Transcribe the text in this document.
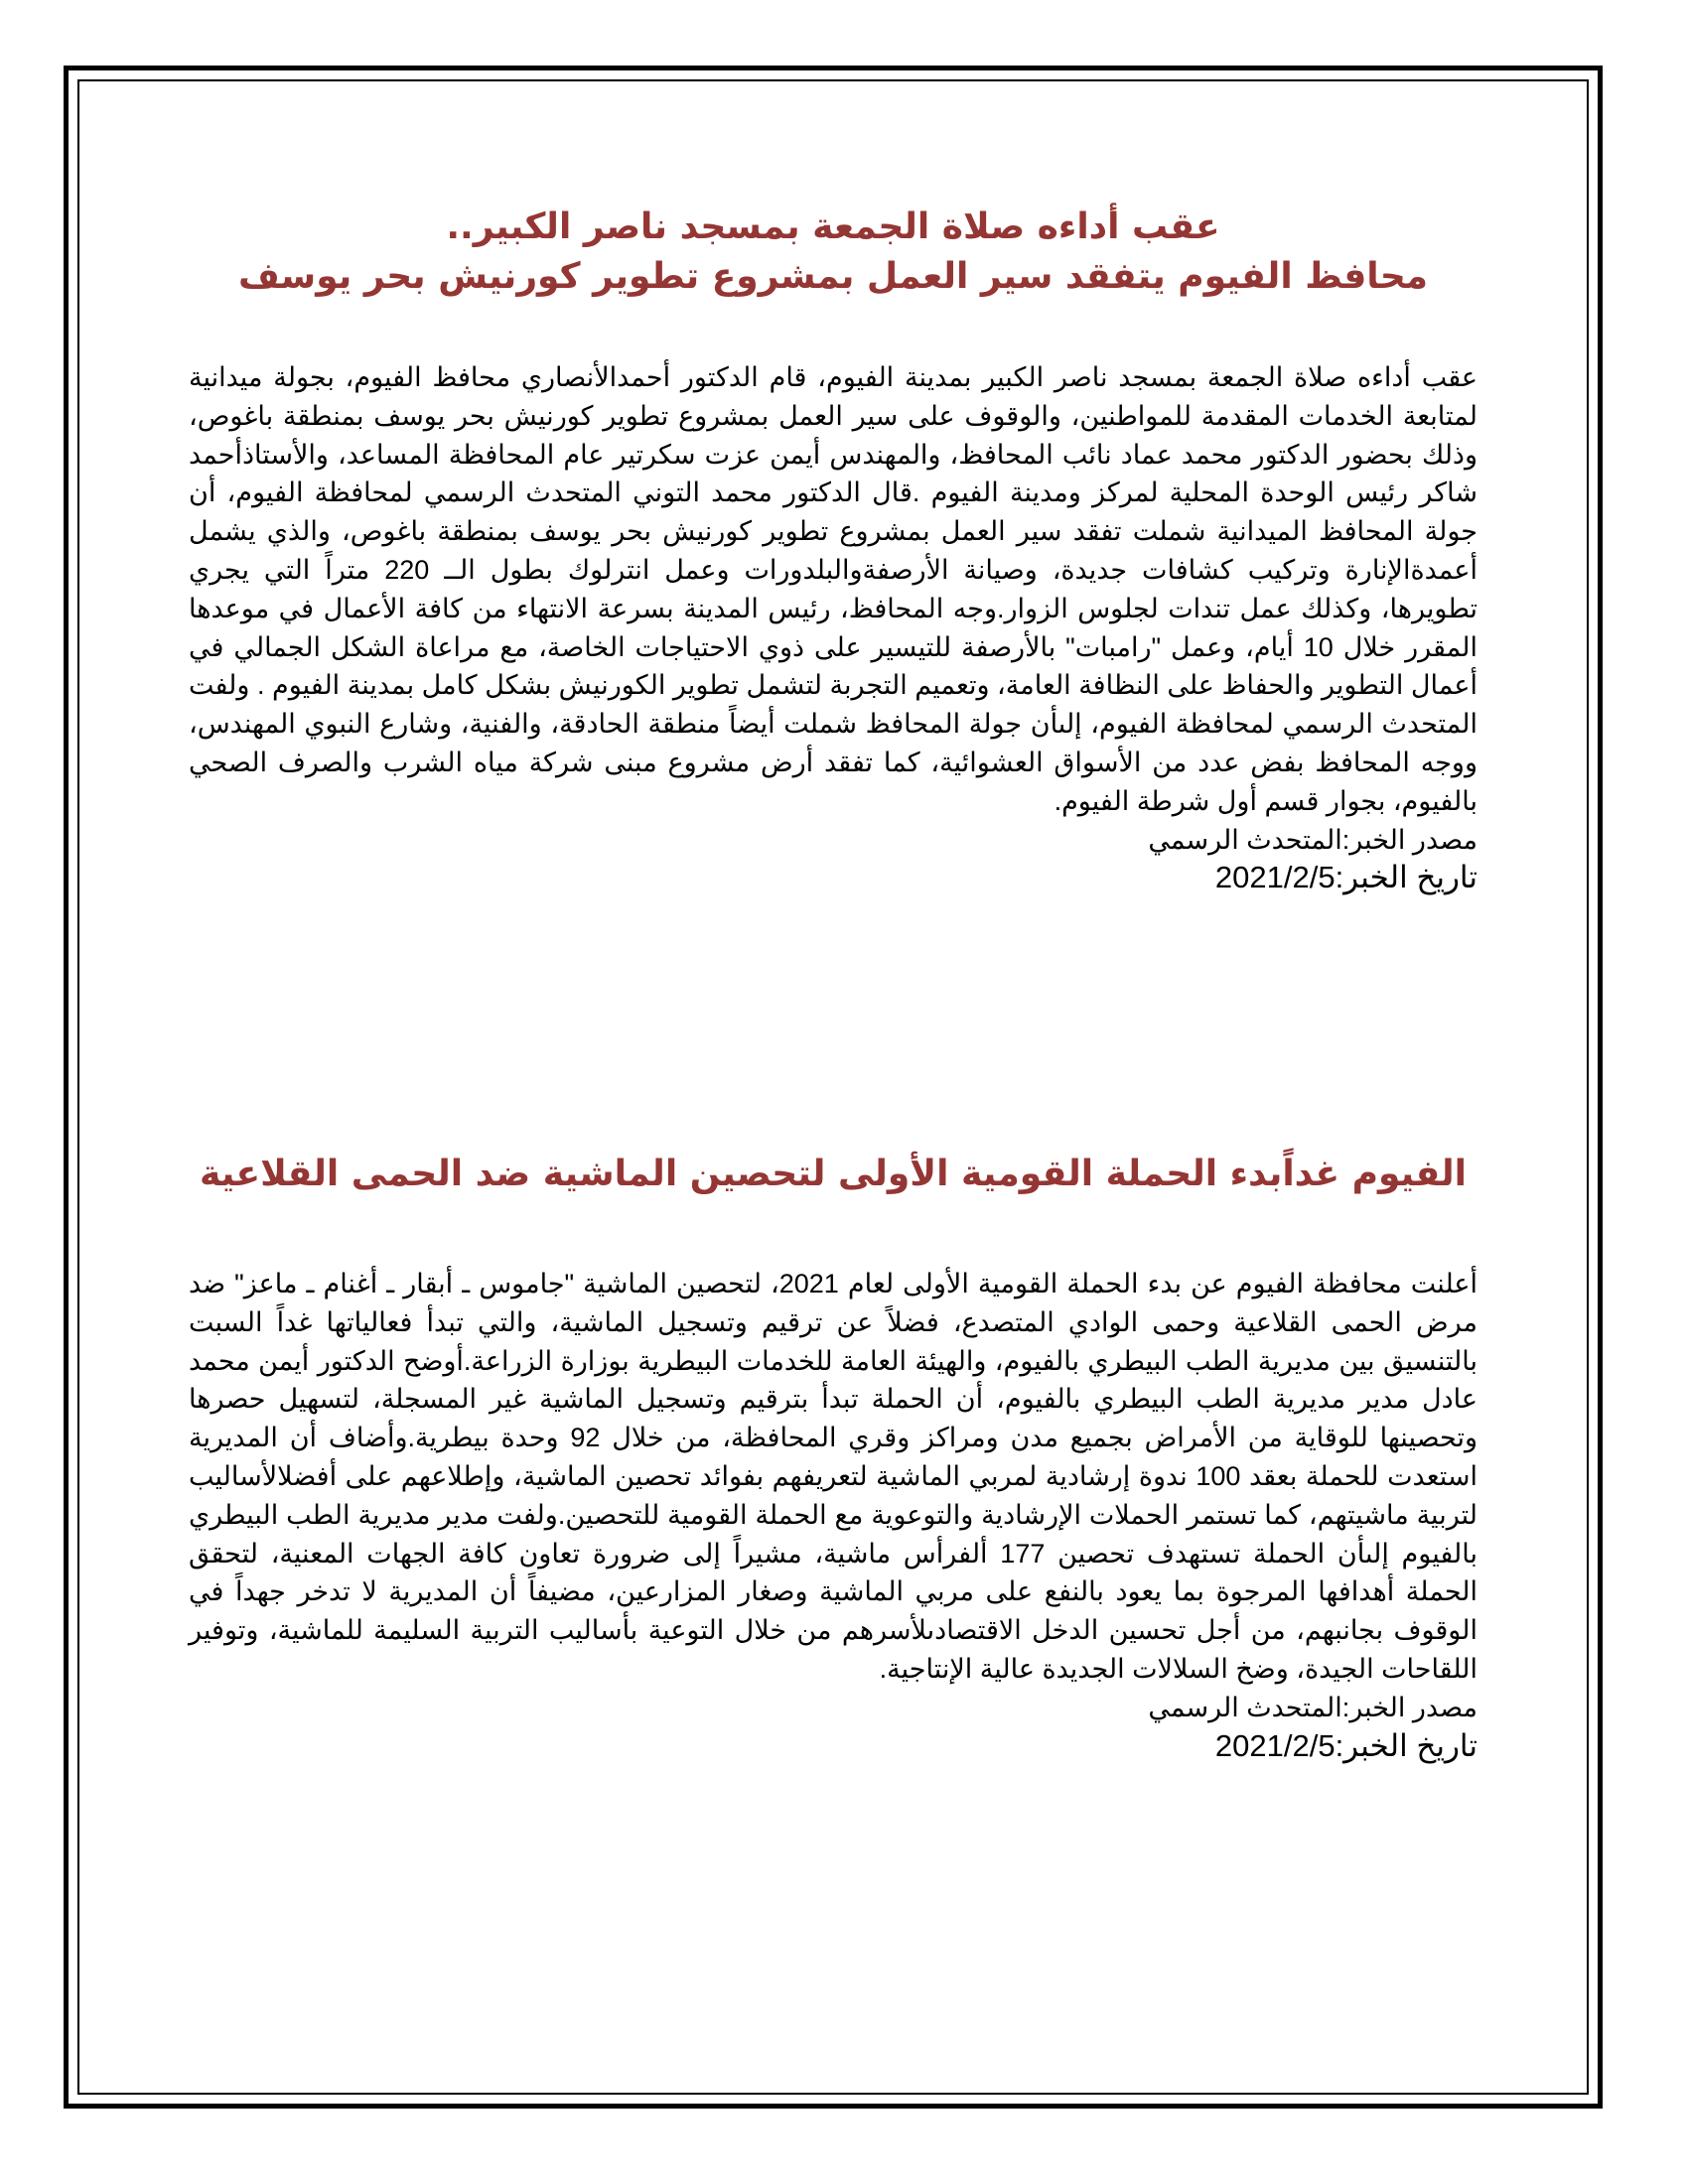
عقب أداءه صلاة الجمعة بمسجد ناصر الكبير..
محافظ الفيوم يتفقد سير العمل بمشروع تطوير كورنيش بحر يوسف

عقب أداءه صلاة الجمعة بمسجد ناصر الكبير بمدينة الفيوم، قام الدكتور أحمدالأنصاري محافظ الفيوم، بجولة ميدانية لمتابعة الخدمات المقدمة للمواطنين، والوقوف على سير العمل بمشروع تطوير كورنيش بحر يوسف بمنطقة باغوص، وذلك بحضور الدكتور محمد عماد نائب المحافظ، والمهندس أيمن عزت سكرتير عام المحافظة المساعد، والأستاذأحمد شاكر رئيس الوحدة المحلية لمركز ومدينة الفيوم .قال الدكتور محمد التوني المتحدث الرسمي لمحافظة الفيوم، أن جولة المحافظ الميدانية شملت تفقد سير العمل بمشروع تطوير كورنيش بحر يوسف بمنطقة باغوص، والذي يشمل أعمدةالإنارة وتركيب كشافات جديدة، وصيانة الأرصفةوالبلدورات وعمل انترلوك بطول الــ 220 متراً التي يجري تطويرها، وكذلك عمل تندات لجلوس الزوار.وجه المحافظ، رئيس المدينة بسرعة الانتهاء من كافة الأعمال في موعدها المقرر خلال 10 أيام، وعمل "رامبات" بالأرصفة للتيسير على ذوي الاحتياجات الخاصة، مع مراعاة الشكل الجمالي في أعمال التطوير والحفاظ على النظافة العامة، وتعميم التجربة لتشمل تطوير الكورنيش بشكل كامل بمدينة الفيوم . ولفت المتحدث الرسمي لمحافظة الفيوم، إلىأن جولة المحافظ شملت أيضاً منطقة الحادقة، والفنية، وشارع النبوي المهندس، ووجه المحافظ بفض عدد من الأسواق العشوائية، كما تفقد أرض مشروع مبنى شركة مياه الشرب والصرف الصحي بالفيوم، بجوار قسم أول شرطة الفيوم.

مصدر الخبر:المتحدث الرسمي

تاريخ الخبر:2021/2/5

الفيوم غداًبدء الحملة القومية الأولى لتحصين الماشية ضد الحمى القلاعية

أعلنت محافظة الفيوم عن بدء الحملة القومية الأولى لعام 2021، لتحصين الماشية "جاموس ـ أبقار ـ أغنام ـ ماعز" ضد مرض الحمى القلاعية وحمى الوادي المتصدع، فضلاً عن ترقيم وتسجيل الماشية، والتي تبدأ فعالياتها غداً السبت بالتنسيق بين مديرية الطب البيطري بالفيوم، والهيئة العامة للخدمات البيطرية بوزارة الزراعة.أوضح الدكتور أيمن محمد عادل مدير مديرية الطب البيطري بالفيوم، أن الحملة تبدأ بترقيم وتسجيل الماشية غير المسجلة، لتسهيل حصرها وتحصينها للوقاية من الأمراض بجميع مدن ومراكز وقري المحافظة، من خلال 92 وحدة بيطرية.وأضاف أن المديرية استعدت للحملة بعقد 100 ندوة إرشادية لمربي الماشية لتعريفهم بفوائد تحصين الماشية، وإطلاعهم على أفضلالأساليب لتربية ماشيتهم، كما تستمر الحملات الإرشادية والتوعوية مع الحملة القومية للتحصين.ولفت مدير مديرية الطب البيطري بالفيوم إلىأن الحملة تستهدف تحصين 177 ألفرأس ماشية، مشيراً إلى ضرورة تعاون كافة الجهات المعنية، لتحقق الحملة أهدافها المرجوة بما يعود بالنفع على مربي الماشية وصغار المزارعين، مضيفاً أن المديرية لا تدخر جهداً في الوقوف بجانبهم، من أجل تحسين الدخل الاقتصادىلأسرهم من خلال التوعية بأساليب التربية السليمة للماشية، وتوفير اللقاحات الجيدة، وضخ السلالات الجديدة عالية الإنتاجية.

مصدر الخبر:المتحدث الرسمي

تاريخ الخبر:2021/2/5
